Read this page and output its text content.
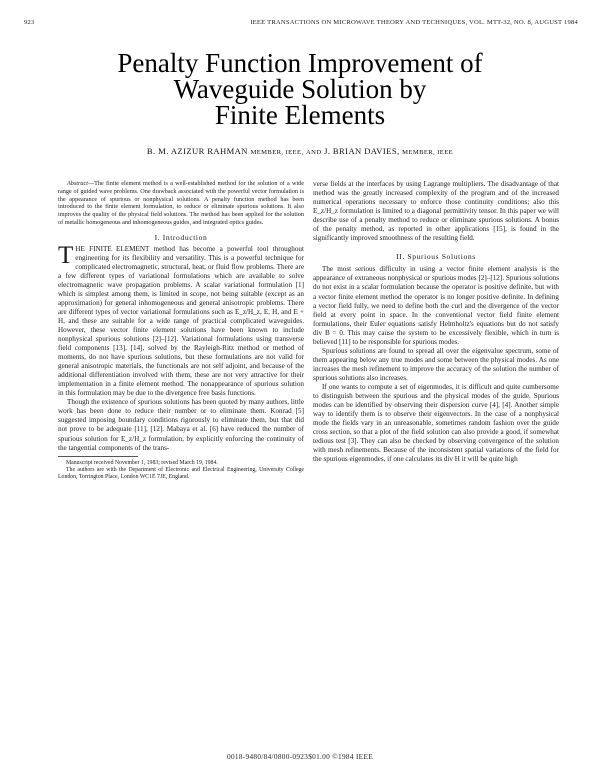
923	IEEE TRANSACTIONS ON MICROWAVE THEORY AND TECHNIQUES, VOL. MTT-32, NO. 8, AUGUST 1984
Penalty Function Improvement of
Waveguide Solution by
Finite Elements
B. M. AZIZUR RAHMAN MEMBER, IEEE, AND J. BRIAN DAVIES, MEMBER, IEEE

Abstract—The finite element method is a well-established method for the solution of a wide range of guided wave problems. One drawback associated with the powerful vector formulation is the appearance of spurious or nonphysical solutions. A penalty function method has been introduced to the finite element formulation, to reduce or eliminate spurious solutions. It also improves the quality of the physical field solutions. The method has been applied for the solution of metallic homogeneous and inhomogeneous guides, and integrated optics guides.

I. Introduction

THE FINITE ELEMENT method has become a powerful tool throughout engineering for its flexibility and versatility. This is a powerful technique for complicated electromagnetic, structural, heat, or fluid flow problems. There are a few different types of variational formulations which are available to solve electromagnetic wave propagation problems. A scalar variational formulation [1] which is simplest among them, is limited in scope, not being suitable (except as an approximation) for general inhomogeneous and general anisotropic problems. There are different types of vector variational formulations such as E_z/H_z, E, H, and E + H, and these are suitable for a wide range of practical complicated waveguides. However, these vector finite element solutions have been known to include nonphysical spurious solutions [2]–[12]. Variational formulations using transverse field components [13], [14], solved by the Rayleigh-Ritz method or method of moments, do not have spurious solutions, but these formulations are not valid for general anisotropic materials, the functionals are not self adjoint, and because of the additional differentiation involved with them, these are not very attractive for their implementation in a finite element method. The nonappearance of spurious solution in this formulation may be due to the divergence free basis functions.

Though the existence of spurious solutions has been quoted by many authors, little work has been done to reduce their number or to eliminate them. Konrad [5] suggested imposing boundary conditions rigorously to eliminate them, but that did not prove to be adequate [11], [12]. Mabaya et al. [6] have reduced the number of spurious solution for E_z/H_z formulation, by explicitly enforcing the continuity of the tangential components of the trans-

Manuscript received November 1, 1983; revised March 19, 1984.

The authors are with the Department of Electronic and Electrical Engineering, University College London, Torrington Place, London WC1E 7JE, England.

verse fields at the interfaces by using Lagrange multipliers. The disadvantage of that method was the greatly increased complexity of the program and of the increased numerical operations necessary to enforce those continuity conditions; also this E_z/H_z formulation is limited to a diagonal permittivity tensor. In this paper we will describe use of a penalty method to reduce or eliminate spurious solutions. A bonus of the penalty method, as reported in other applications [15], is found in the significantly improved smoothness of the resulting field.

II. Spurious Solutions

The most serious difficulty in using a vector finite element analysis is the appearance of extraneous nonphysical or spurious modes [2]–[12]. Spurious solutions do not exist in a scalar formulation because the operator is positive definite, but with a vector finite element method the operator is no longer positive definite. In defining a vector field fully, we need to define both the curl and the divergence of the vector field at every point in space. In the conventional vector field finite element formulations, their Euler equations satisfy Helmholtz's equations but do not satisfy div B = 0. This may cause the system to be excessively flexible, which in turn is believed [11] to be responsible for spurious modes.

Spurious solutions are found to spread all over the eigenvalue spectrum, some of them appearing below any true modes and some between the physical modes. As one increases the mesh refinement to improve the accuracy of the solution the number of spurious solutions also increases.

If one wants to compute a set of eigenmodes, it is difficult and quite cumbersome to distinguish between the spurious and the physical modes of the guide. Spurious modes can be identified by observing their dispersion curve [4], [4]. Another simple way to identify them is to observe their eigenvectors. In the case of a nonphysical mode the fields vary in an unreasonable, sometimes random fashion over the guide cross section, so that a plot of the field solution can also provide a good, if somewhat tedious test [3]. They can also be checked by observing convergence of the solution with mesh refinements. Because of the inconsistent spatial variations of the field for the spurious eigenmodes, if one calculates its div H it will be quite high

0018-9480/84/0800-0923$01.00 ©1984 IEEE
